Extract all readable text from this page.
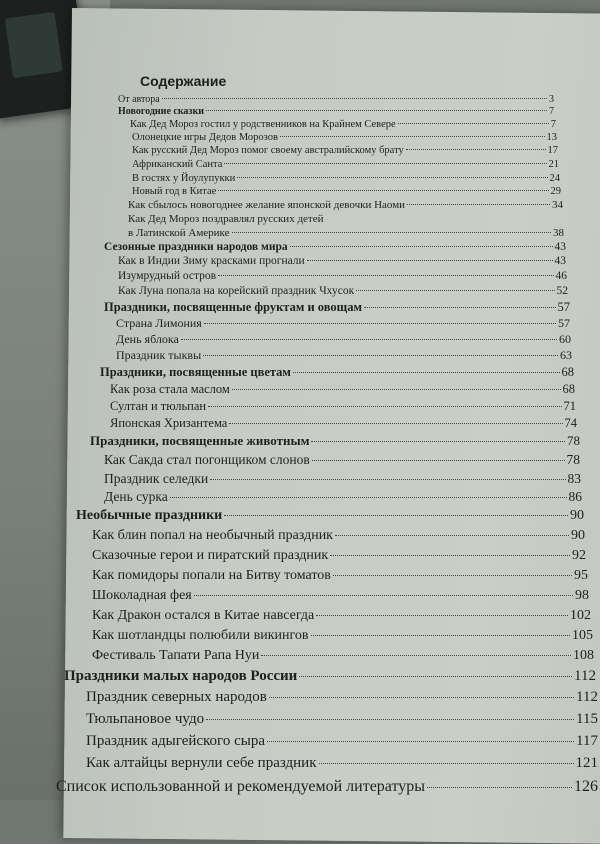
Содержание
От автора	3
Новогодние сказки	7
Как Дед Мороз гостил у родственников на Крайнем Севере	7
Олонецкие игры Дедов Морозов	13
Как русский Дед Мороз помог своему австралийскому брату	17
Африканский Санта	21
В гостях у Йоулупукки	24
Новый год в Китае	29
Как сбылось новогоднее желание японской девочки Наоми	34
Как Дед Мороз поздравлял русских детей
в Латинской Америке	38
Сезонные праздники народов мира	43
Как в Индии Зиму красками прогнали	43
Изумрудный остров	46
Как Луна попала на корейский праздник Чхусок	52
Праздники, посвященные фруктам и овощам	57
Страна Лимония	57
День яблока	60
Праздник тыквы	63
Праздники, посвященные цветам	68
Как роза стала маслом	68
Султан и тюльпан	71
Японская Хризантема	74
Праздники, посвященные животным	78
Как Сакда стал погонщиком слонов	78
Праздник селедки	83
День сурка	86
Необычные праздники	90
Как блин попал на необычный праздник	90
Сказочные герои и пиратский праздник	92
Как помидоры попали на Битву томатов	95
Шоколадная фея	98
Как Дракон остался в Китае навсегда	102
Как шотландцы полюбили викингов	105
Фестиваль Тапати Рапа Нуи	108
Праздники малых народов России	112
Праздник северных народов	112
Тюльпановое чудо	115
Праздник адыгейского сыра	117
Как алтайцы вернули себе праздник	121
Список использованной и рекомендуемой литературы	126
